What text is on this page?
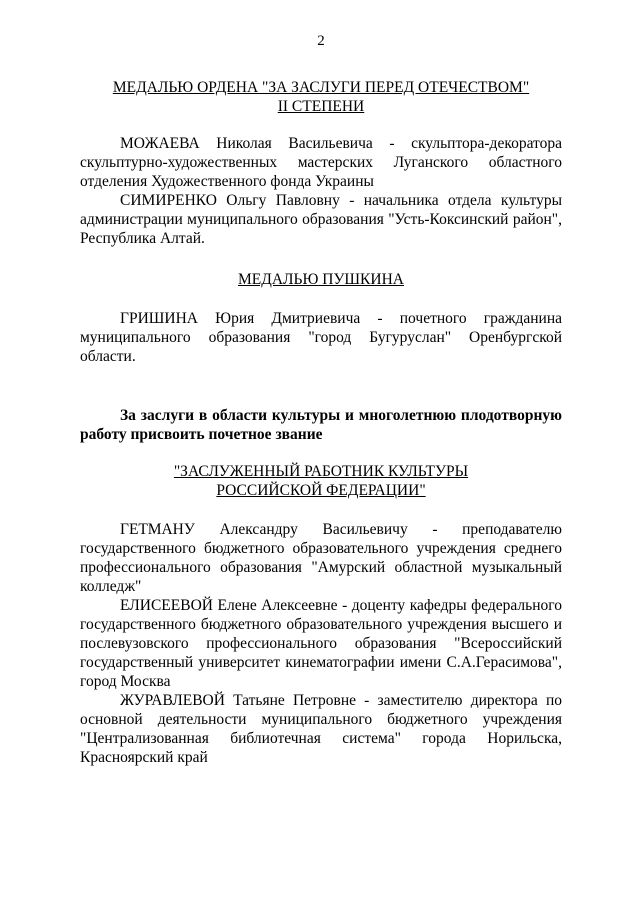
2
МЕДАЛЬЮ ОРДЕНА "ЗА ЗАСЛУГИ ПЕРЕД ОТЕЧЕСТВОМ"
II СТЕПЕНИ
МОЖАЕВА Николая Васильевича - скульптора-декоратора скульптурно-художественных мастерских Луганского областного отделения Художественного фонда Украины
СИМИРЕНКО Ольгу Павловну - начальника отдела культуры администрации муниципального образования "Усть-Коксинский район", Республика Алтай.
МЕДАЛЬЮ ПУШКИНА
ГРИШИНА Юрия Дмитриевича - почетного гражданина муниципального образования "город Бугуруслан" Оренбургской области.
За заслуги в области культуры и многолетнюю плодотворную работу присвоить почетное звание
"ЗАСЛУЖЕННЫЙ РАБОТНИК КУЛЬТУРЫ
РОССИЙСКОЙ ФЕДЕРАЦИИ"
ГЕТМАНУ Александру Васильевичу - преподавателю государственного бюджетного образовательного учреждения среднего профессионального образования "Амурский областной музыкальный колледж"
ЕЛИСЕЕВОЙ Елене Алексеевне - доценту кафедры федерального государственного бюджетного образовательного учреждения высшего и послевузовского профессионального образования "Всероссийский государственный университет кинематографии имени С.А.Герасимова", город Москва
ЖУРАВЛЕВОЙ Татьяне Петровне - заместителю директора по основной деятельности муниципального бюджетного учреждения "Централизованная библиотечная система" города Норильска, Красноярский край
